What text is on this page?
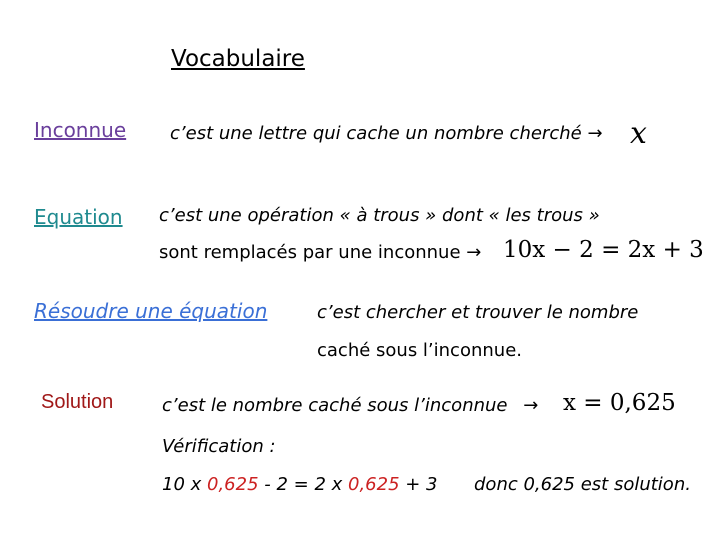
Vocabulaire
Inconnue c’est une lettre qui cache un nombre cherché → x
Equation c’est une opération « à trous » dont « les trous »
sont remplacés par une inconnue → 10x − 2 = 2x + 3
Résoudre une équation	c’est chercher et trouver le nombre
caché sous l’inconnue.
Solution	c’est le nombre caché sous l’inconnue → x = 0,625
Vérification :
10 x 0,625 - 2 = 2 x 0,625 + 3 donc 0,625 est solution.
